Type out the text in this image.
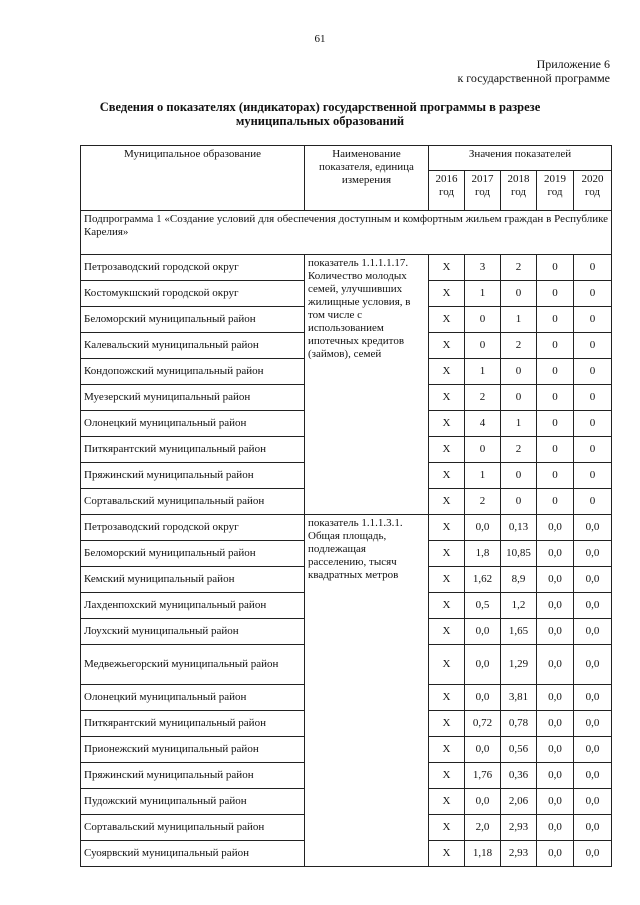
61
Приложение 6
к государственной программе
Сведения о показателях (индикаторах) государственной программы в разрезе муниципальных образований
Муниципальное образование	Наименование показателя, единица измерения	Значения показателей				
		2016 год	2017 год	2018 год	2019 год	2020 год
Подпрограмма 1 «Создание условий для обеспечения доступным и комфортным жильем граждан в Республике Карелия»						
Петрозаводский городской округ	показатель 1.1.1.1.17. Количество молодых семей, улучшивших жилищные условия, в том числе с использованием ипотечных кредитов (займов), семей	Х	3	2	0	0
Костомукшский городской округ		Х	1	0	0	0
Беломорский муниципальный район		Х	0	1	0	0
Калевальский муниципальный район		Х	0	2	0	0
Кондопожский муниципальный район		Х	1	0	0	0
Муезерский муниципальный район		Х	2	0	0	0
Олонецкий муниципальный район		Х	4	1	0	0
Питкярантский муниципальный район		Х	0	2	0	0
Пряжинский муниципальный район		Х	1	0	0	0
Сортавальский муниципальный район		Х	2	0	0	0
Петрозаводский городской округ	показатель 1.1.1.3.1. Общая площадь, подлежащая расселению, тысяч квадратных метров	Х	0,0	0,13	0,0	0,0
Беломорский муниципальный район		Х	1,8	10,85	0,0	0,0
Кемский муниципальный район		Х	1,62	8,9	0,0	0,0
Лахденпохский муниципальный район		Х	0,5	1,2	0,0	0,0
Лоухский муниципальный район		Х	0,0	1,65	0,0	0,0
Медвежьегорский муниципальный район		Х	0,0	1,29	0,0	0,0
Олонецкий муниципальный район		Х	0,0	3,81	0,0	0,0
Питкярантский муниципальный район		Х	0,72	0,78	0,0	0,0
Прионежский муниципальный район		Х	0,0	0,56	0,0	0,0
Пряжинский муниципальный район		Х	1,76	0,36	0,0	0,0
Пудожский муниципальный район		Х	0,0	2,06	0,0	0,0
Сортавальский муниципальный район		Х	2,0	2,93	0,0	0,0
Суоярвский муниципальный район		Х	1,18	2,93	0,0	0,0
